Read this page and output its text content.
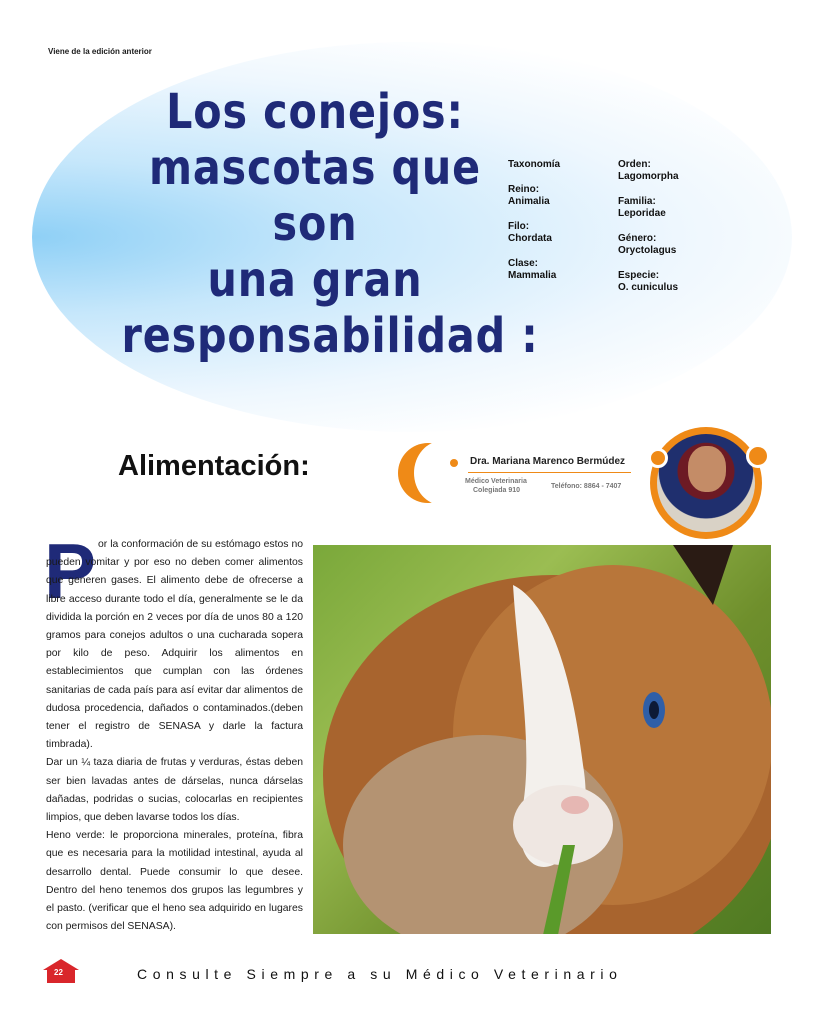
Viene de la edición anterior
Los conejos:
mascotas que
son
una gran
responsabilidad :
Taxonomía
Reino:
Animalia
Filo:
Chordata
Clase:
Mammalia
Orden:
Lagomorpha
Familia:
Leporidae
Género:
Oryctolagus
Especie:
O. cuniculus
Alimentación:	Dra. Mariana Marenco Bermúdez
Médico Veterinaria
Colegiada 910
Teléfono: 8864 - 7407
P or la conformación de su estómago estos no pueden vomitar y por eso no deben comer alimentos que generen gases. El alimento debe de ofrecerse a libre acceso durante todo el día, generalmente se le da dividida la porción en 2 veces por día de unos 80 a 120 gramos para conejos adultos o una cucharada sopera por kilo de peso. Adquirir los alimentos en establecimientos que cumplan con las órdenes sanitarias de cada país para así evitar dar alimentos de dudosa procedencia, dañados o contaminados.(deben tener el registro de SENASA y darle la factura timbrada).

Dar un ¼ taza diaria de frutas y verduras, éstas deben ser bien lavadas antes de dárselas, nunca dárselas dañadas, podridas o sucias, colocarlas en recipientes limpios, que deben lavarse todos los días.

Heno verde: le proporciona minerales, proteína, fibra que es necesaria para la motilidad intestinal, ayuda al desarrollo dental. Puede consumir lo que desee. Dentro del heno tenemos dos grupos las legumbres y el pasto. (verificar que el heno sea adquirido en lugares con permisos del SENASA).

22	Consulte Siempre a su Médico Veterinario
